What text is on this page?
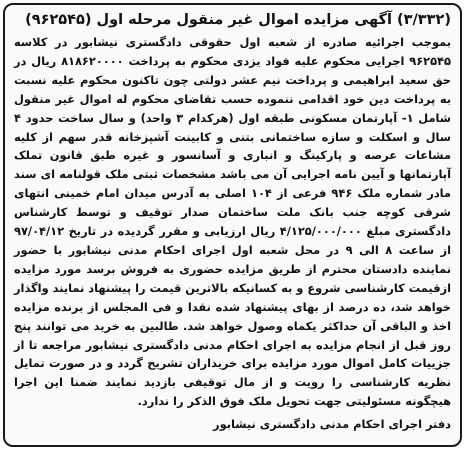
(۳/۳۳۲) آگهی مزایده اموال غیر منقول مرحله اول (۹۶۲۵۴۵)
بموجب اجرائیه صادره از شعبه اول حقوقی دادگستری نیشابور در کلاسه ۹۶۲۵۴۵ اجرایی محکوم علیه فواد یزدی محکوم به پرداخت ۸۱۸۶۲۰۰۰۰ ریال در حق سعید ابراهیمی و پرداخت نیم عشر دولتی چون تاکنون محکوم علیه نسبت به پرداخت دین خود اقدامی ننموده حسب تقاضای محکوم له اموال غیر منقول شامل ۱- آپارتمان مسکونی طبقه اول (هرکدام ۳ واحد) و سال ساخت حدود ۴ سال و اسکلت و سازه ساختمانی بتنی و کابینت آشپزخانه قدر سهم از کلیه مشاعات عرصه و پارکینگ و انباری و آسانسور و غیره طبق قانون تملک آپارتمانها و آیین نامه اجرایی آن می باشد مشخصات ثبتی ملک قولنامه ای سند مادر شماره ملک ۹۴۶ فرعی از ۱۰۴ اصلی به آدرس میدان امام خمینی انتهای شرقی کوچه جنب بانک ملت ساختمان صدار توقیف و توسط کارشناس دادگستری مبلغ ۴/۱۲۵/۰۰۰/۰۰۰ ریال ارزیابی و مقرر گردیده در تاریخ ۹۷/۰۴/۱۲ از ساعت ۸ الی ۹ در محل شعبه اول اجرای احکام مدنی نیشابور با حضور نماینده دادستان محترم از طریق مزایده حضوری به فروش برسد مورد مزایده ازقیمت کارشناسی شروع و به کسانیکه بالاترین قیمت را پیشنهاد نمایند واگذار خواهد شد، ده درصد از بهای پیشنهاد شده نقدا و فی المجلس از برنده مزایده اخذ و الباقی آن حداکثر یکماه وصول خواهد شد. طالبین به خرید می توانند پنج روز قبل از انجام مزایده به اجرای احکام مدنی دادگستری نیشابور مراجعه تا از جزییات کامل اموال مورد مزایده برای خریداران تشریح گردد و در صورت تمایل نظریه کارشناسی را رویت و از مال توقیفی بازدید نمایند ضمنا این اجرا هیچگونه مسئولیتی جهت تحویل ملک فوق الذکر را ندارد.
دفتر اجرای احکام مدنی دادگستری نیشابور
